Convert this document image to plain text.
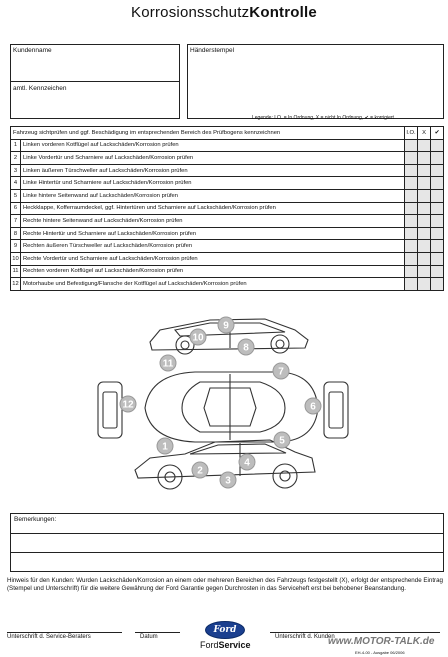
KorrosionsschutzKontrolle
Kundenname
amtl. Kennzeichen
Händerstempel
Legende: I.O. = In Ordnung, X = nicht In Ordnung, ✔ = korrigiert
Fahrzeug sichtprüfen und ggf. Beschädigung im entsprechenden Bereich des Prüfbogens kennzeichnen		I.O.	X	✔
1	Linken vorderen Kotflügel auf Lackschäden/Korrosion prüfen			
2	Linke Vordertür und Scharniere auf Lackschäden/Korrosion prüfen			
3	Linken äußeren Türschweller auf Lackschäden/Korrosion prüfen			
4	Linke Hintertür und Scharniere auf Lackschäden/Korrosion prüfen			
5	Linke hintere Seitenwand auf Lackschäden/Korrosion prüfen			
6	Heckklappe, Kofferraumdeckel, ggf. Hintertüren und Scharniere auf Lackschäden/Korrosion prüfen			
7	Rechte hintere Seitenwand auf Lackschäden/Korrosion prüfen			
8	Rechte Hintertür und Scharniere auf Lackschäden/Korrosion prüfen			
9	Rechten äußeren Türschweller auf Lackschäden/Korrosion prüfen			
10	Rechte Vordertür und Scharniere auf Lackschäden/Korrosion prüfen			
11	Rechten vorderen Kotflügel auf Lackschäden/Korrosion prüfen			
12	Motorhaube und Befestigung/Flansche der Kotflügel auf Lackschäden/Korrosion prüfen			
1
2
3
4
5
6
7
8
9
10
11
12
Bemerkungen:
Hinweis für den Kunden: Wurden Lackschäden/Korrosion an einem oder mehreren Bereichen des Fahrzeugs festgestellt (X), erfolgt der entsprechende Eintrag (Stempel und Unterschrift) für die weitere Gewährung der Ford Garantie gegen Durchrosten in das Serviceheft erst bei behobener Beanstandung.
Unterschrift d. Service-Beraters	Datum
Ford
FordService
Unterschrift d. Kunden
www.MOTOR-TALK.de
EH-4-00 - Ausgabe 06/2006
